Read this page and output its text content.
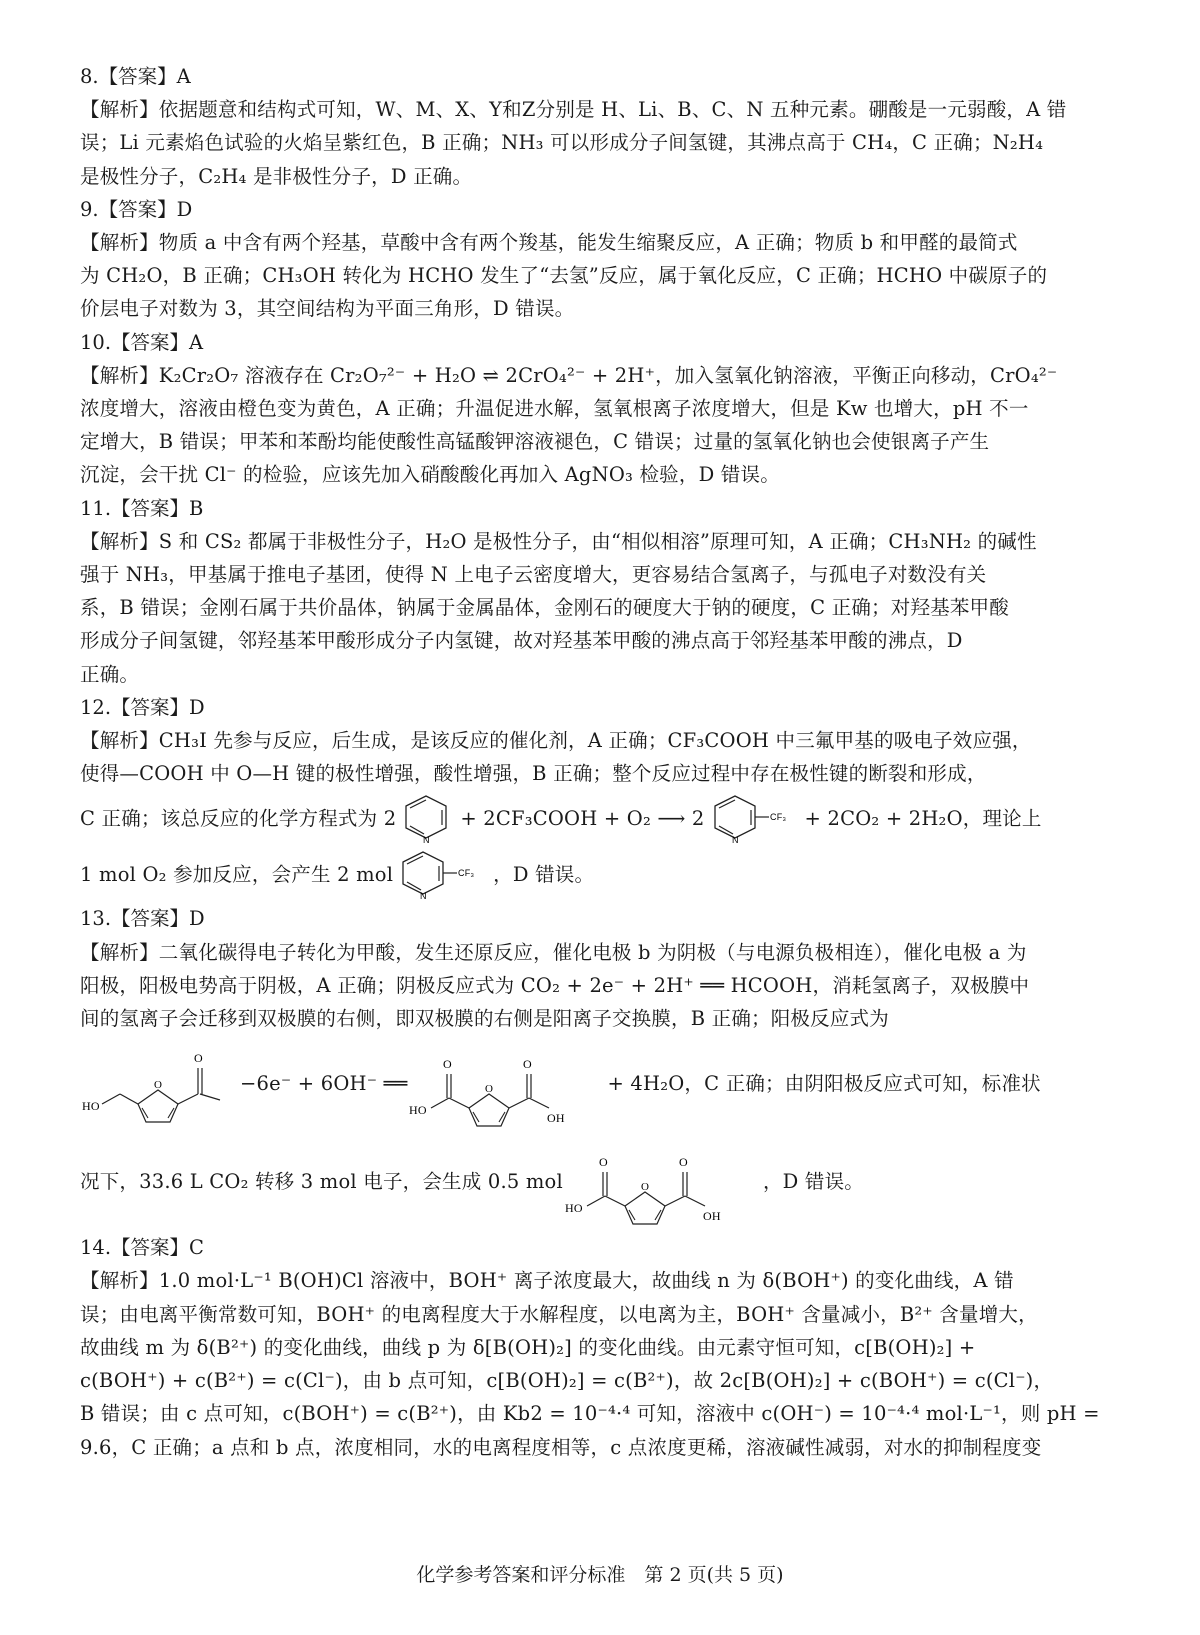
8.【答案】A

【解析】依据题意和结构式可知，W、M、X、Y和Z分别是 H、Li、B、C、N 五种元素。硼酸是一元弱酸，A 错

误；Li 元素焰色试验的火焰呈紫红色，B 正确；NH₃ 可以形成分子间氢键，其沸点高于 CH₄，C 正确；N₂H₄

是极性分子，C₂H₄ 是非极性分子，D 正确。

9.【答案】D

【解析】物质 a 中含有两个羟基，草酸中含有两个羧基，能发生缩聚反应，A 正确；物质 b 和甲醛的最简式

为 CH₂O，B 正确；CH₃OH 转化为 HCHO 发生了“去氢”反应，属于氧化反应，C 正确；HCHO 中碳原子的

价层电子对数为 3，其空间结构为平面三角形，D 错误。

10.【答案】A

【解析】K₂Cr₂O₇ 溶液存在 Cr₂O₇²⁻ + H₂O ⇌ 2CrO₄²⁻ + 2H⁺，加入氢氧化钠溶液，平衡正向移动，CrO₄²⁻

浓度增大，溶液由橙色变为黄色，A 正确；升温促进水解，氢氧根离子浓度增大，但是 Kw 也增大，pH 不一

定增大，B 错误；甲苯和苯酚均能使酸性高锰酸钾溶液褪色，C 错误；过量的氢氧化钠也会使银离子产生

沉淀，会干扰 Cl⁻ 的检验，应该先加入硝酸酸化再加入 AgNO₃ 检验，D 错误。

11.【答案】B

【解析】S 和 CS₂ 都属于非极性分子，H₂O 是极性分子，由“相似相溶”原理可知，A 正确；CH₃NH₂ 的碱性

强于 NH₃，甲基属于推电子基团，使得 N 上电子云密度增大，更容易结合氢离子，与孤电子对数没有关

系，B 错误；金刚石属于共价晶体，钠属于金属晶体，金刚石的硬度大于钠的硬度，C 正确；对羟基苯甲酸

形成分子间氢键，邻羟基苯甲酸形成分子内氢键，故对羟基苯甲酸的沸点高于邻羟基苯甲酸的沸点，D

正确。

12.【答案】D

【解析】CH₃I 先参与反应，后生成，是该反应的催化剂，A 正确；CF₃COOH 中三氟甲基的吸电子效应强，

使得—COOH 中 O—H 键的极性增强，酸性增强，B 正确；整个反应过程中存在极性键的断裂和形成，

C 正确；该总反应的化学方程式为 2
N
+ 2CF₃COOH + O₂ ⟶ 2
N
CF₃ + 2CO₂ + 2H₂O，理论上
1 mol O₂ 参加反应，会产生 2 mol
N
CF₃ ，D 错误。

13.【答案】D

【解析】二氧化碳得电子转化为甲酸，发生还原反应，催化电极 b 为阴极（与电源负极相连），催化电极 a 为

阳极，阳极电势高于阴极，A 正确；阴极反应式为 CO₂ + 2e⁻ + 2H⁺ ══ HCOOH，消耗氢离子，双极膜中

间的氢离子会迁移到双极膜的右侧，即双极膜的右侧是阳离子交换膜，B 正确；阳极反应式为

HO
O
O
−6e⁻ + 6OH⁻ ══
HO
O
O
O
OH
+ 4H₂O，C 正确；由阴阳极反应式可知，标准状
况下，33.6 L CO₂ 转移 3 mol 电子，会生成 0.5 mol
HO
O
O
O
OH
，D 错误。

14.【答案】C

【解析】1.0 mol·L⁻¹ B(OH)Cl 溶液中，BOH⁺ 离子浓度最大，故曲线 n 为 δ(BOH⁺) 的变化曲线，A 错

误；由电离平衡常数可知，BOH⁺ 的电离程度大于水解程度，以电离为主，BOH⁺ 含量减小，B²⁺ 含量增大，

故曲线 m 为 δ(B²⁺) 的变化曲线，曲线 p 为 δ[B(OH)₂] 的变化曲线。由元素守恒可知，c[B(OH)₂] +

c(BOH⁺) + c(B²⁺) = c(Cl⁻)，由 b 点可知，c[B(OH)₂] = c(B²⁺)，故 2c[B(OH)₂] + c(BOH⁺) = c(Cl⁻)，

B 错误；由 c 点可知，c(BOH⁺) = c(B²⁺)，由 Kb2 = 10⁻⁴·⁴ 可知，溶液中 c(OH⁻) = 10⁻⁴·⁴ mol·L⁻¹，则 pH =

9.6，C 正确；a 点和 b 点，浓度相同，水的电离程度相等，c 点浓度更稀，溶液碱性减弱，对水的抑制程度变

化学参考答案和评分标准　第 2 页(共 5 页)
